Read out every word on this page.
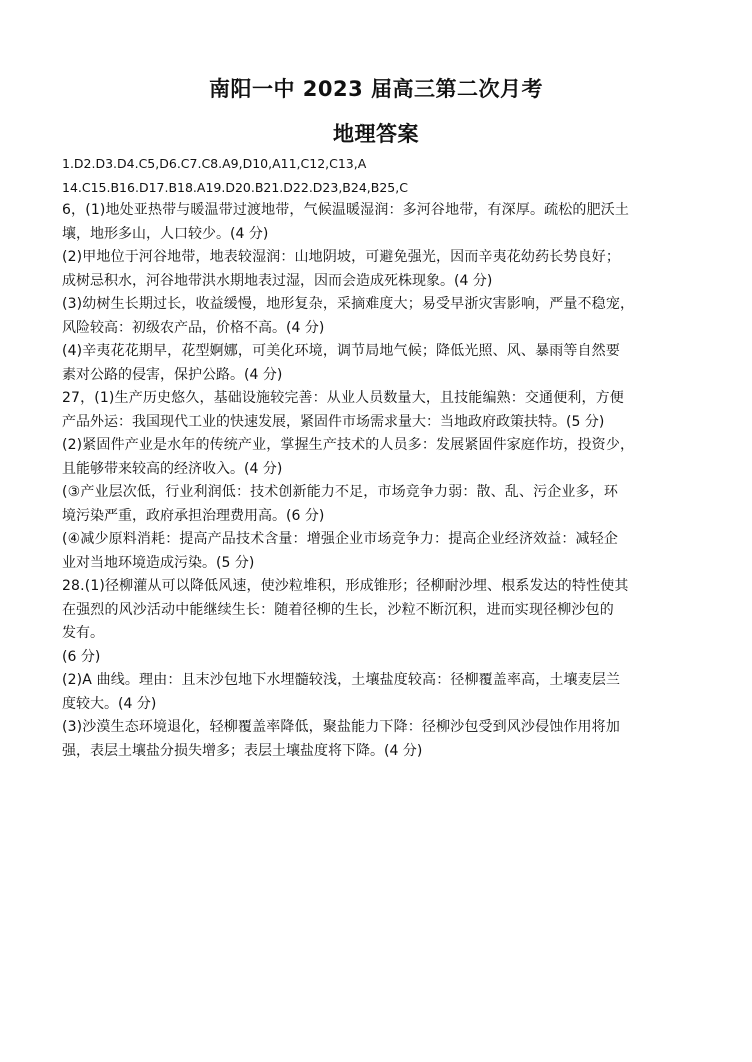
南阳一中 2023 届高三第二次月考
地理答案
1.D2.D3.D4.C5,D6.C7.C8.A9,D10,A11,C12,C13,A
14.C15.B16.D17.B18.A19.D20.B21.D22.D23,B24,B25,C
6，(1)地处亚热带与暖温带过渡地带，气候温暖湿润：多河谷地带，有深厚。疏松的肥沃土
壤，地形多山，人口较少。(4 分)
(2)甲地位于河谷地带，地表较湿润：山地阴坡，可避免强光，因而辛夷花幼药长势良好；
成树忌积水，河谷地带洪水期地表过湿，因而会造成死株现象。(4 分)
(3)幼树生长期过长，收益缓慢，地形复杂，采摘难度大；易受早浙灾害影响，严量不稳宠，
风险较高：初级农产品，价格不高。(4 分)
(4)辛夷花花期早，花型婀娜，可美化环境，调节局地气候；降低光照、风、暴雨等自然要
素对公路的侵害，保护公路。(4 分)
27，(1)生产历史悠久，基础设施较完善：从业人员数量大，且技能编熟：交通便利，方便
产品外运：我国现代工业的快速发展，紧固件市场需求量大：当地政府政策扶特。(5 分)
(2)紧固件产业是水年的传统产业，掌握生产技术的人员多：发展紧固件家庭作坊，投资少，
且能够带来较高的经济收入。(4 分)
(③产业层次低，行业利润低：技术创新能力不足，市场竞争力弱：散、乱、污企业多，环
境污染严重，政府承担治理费用高。(6 分)
(④减少原料消耗：提高产品技术含量：增强企业市场竞争力：提高企业经济效益：减轻企
业对当地环境造成污染。(5 分)
28.(1)径柳灌从可以降低风速，使沙粒堆积，形成锥形；径柳耐沙埋、根系发达的特性使其
在强烈的风沙活动中能继续生长：随着径柳的生长，沙粒不断沉积，进而实现径柳沙包的
发有。
(6 分)
(2)A 曲线。理由：且末沙包地下水埋髓较浅，土壤盐度较高：径柳覆盖率高，土壤麦层兰
度较大。(4 分)
(3)沙漠生态环境退化，轻柳覆盖率降低，聚盐能力下降：径柳沙包受到风沙侵蚀作用将加
强，表层土壤盐分损失增多；表层土壤盐度将下降。(4 分)
